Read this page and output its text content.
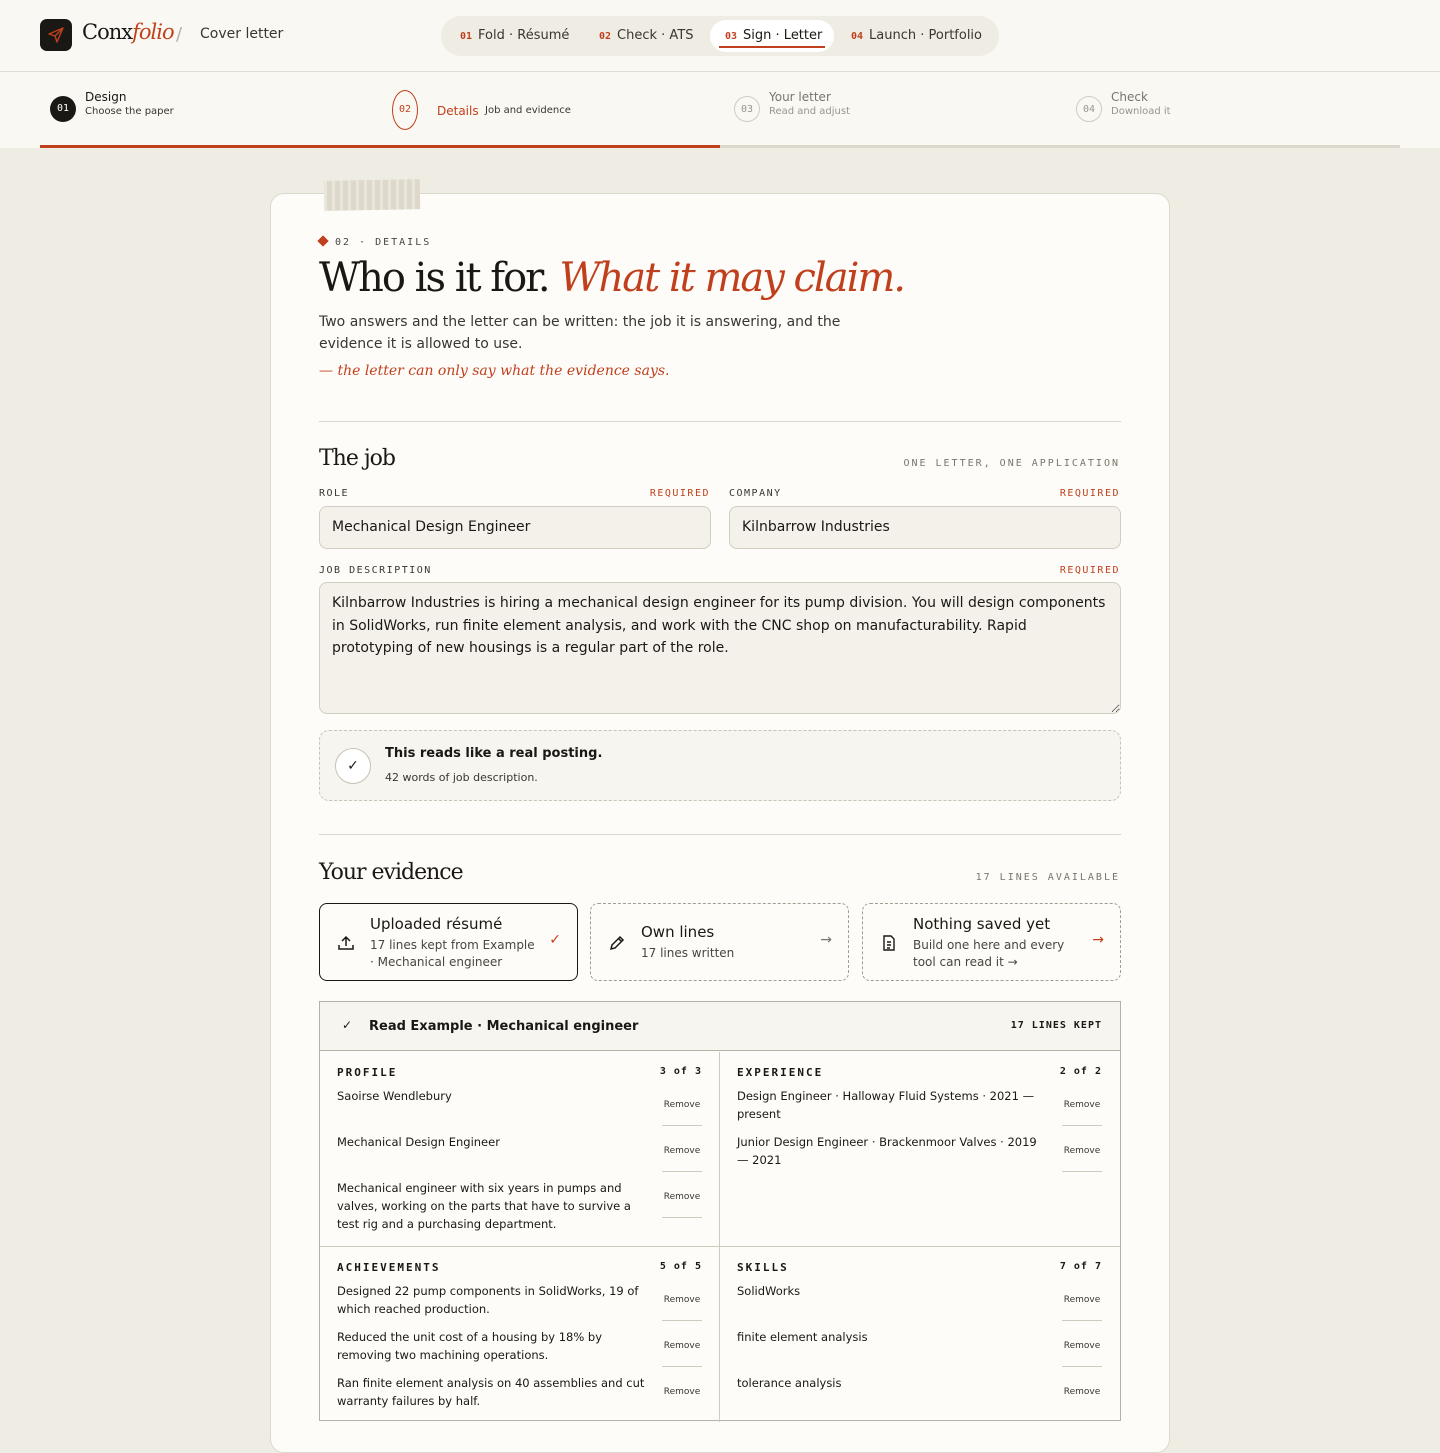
Conxfolio / Cover letter	01 Fold · Résumé	02 Check · ATS	03 Sign · Letter	04 Launch · Portfolio
01
Design
Choose the paper	02	Details Job and evidence	03
Your letter
Read and adjust	04
Check
Download it
02 · DETAILS
Who is it for. What it may claim.
Two answers and the letter can be written: the job it is answering, and the evidence it is allowed to use.
— the letter can only say what the evidence says.
The job	ONE LETTER, ONE APPLICATION
ROLE	REQUIRED COMPANY	REQUIRED
Mechanical Design Engineer	Kilnbarrow Industries
JOB DESCRIPTION	REQUIRED
Kilnbarrow Industries is hiring a mechanical design engineer for its pump division. You will design components in SolidWorks, run finite element analysis, and work with the CNC shop on manufacturability. Rapid prototyping of new housings is a regular part of the role.
✓
This reads like a real posting.
42 words of job description.
Your evidence	17 LINES AVAILABLE
Uploaded résumé
17 lines kept from Example · Mechanical engineer
✓	Own lines
17 lines written
→
Nothing saved yet
Build one here and every tool can read it →
→
✓ Read Example · Mechanical engineer	17 LINES KEPT
PROFILE	3 of 3
Saoirse Wendlebury
Remove
Mechanical Design Engineer
Remove
Mechanical engineer with six years in pumps and valves, working on the parts that have to survive a test rig and a purchasing department.
Remove
EXPERIENCE	2 of 2
Design Engineer · Halloway Fluid Systems · 2021 — present
Remove
Junior Design Engineer · Brackenmoor Valves · 2019 — 2021
Remove
ACHIEVEMENTS	5 of 5
Designed 22 pump components in SolidWorks, 19 of which reached production.
Remove
Reduced the unit cost of a housing by 18% by removing two machining operations.
Remove
Ran finite element analysis on 40 assemblies and cut warranty failures by half.
Remove
SKILLS	7 of 7
SolidWorks
Remove
finite element analysis
Remove
tolerance analysis
Remove
